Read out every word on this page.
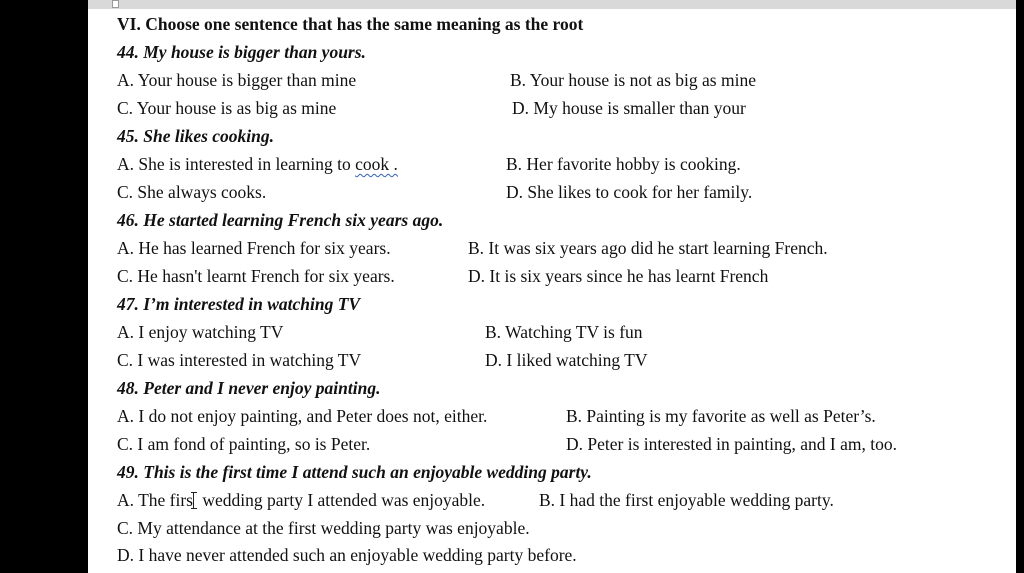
VI. Choose one sentence that has the same meaning as the root
44. My house is bigger than yours.
A. Your house is bigger than mine	B. Your house is not as big as mine
C. Your house is as big as mine	D. My house is smaller than your
45. She likes cooking.
A. She is interested in learning to cook .	B. Her favorite hobby is cooking.
C. She always cooks.	D. She likes to cook for her family.
46. He started learning French six years ago.
A. He has learned French for six years.	B. It was six years ago did he start learning French.
C. He hasn't learnt French for six years.	D. It is six years since he has learnt French
47. I’m interested in watching TV
A. I enjoy watching TV	B. Watching TV is fun
C. I was interested in watching TV	D. I liked watching TV
48. Peter and I never enjoy painting.
A. I do not enjoy painting, and Peter does not, either.	B. Painting is my favorite as well as Peter’s.
C. I am fond of painting, so is Peter.	D. Peter is interested in painting, and I am, too.
49. This is the first time I attend such an enjoyable wedding party.
A. The firs wedding party I attended was enjoyable.	B. I had the first enjoyable wedding party.
C. My attendance at the first wedding party was enjoyable.
D. I have never attended such an enjoyable wedding party before.
